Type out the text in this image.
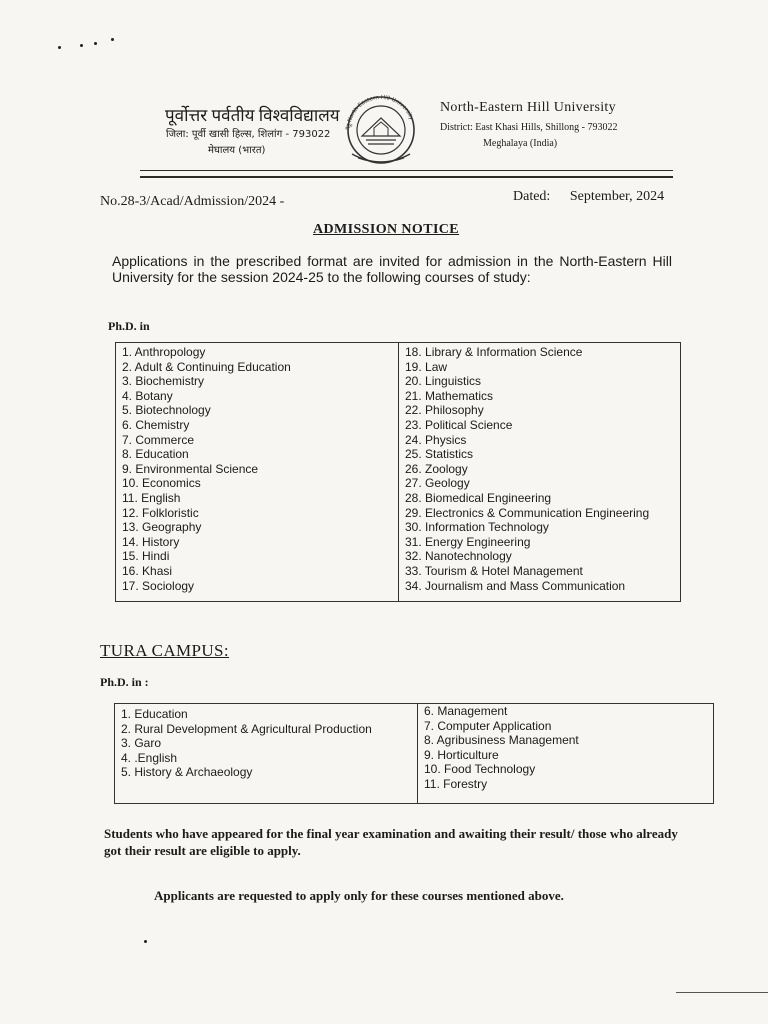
पूर्वोत्तर पर्वतीय विश्वविद्यालय
जिला: पूर्वी खासी हिल्स, शिलांग - 793022
मेघालय (भारत)
नेहू North Eastern Hill University
North-Eastern Hill University
District: East Khasi Hills, Shillong - 793022
Meghalaya (India)
No.28-3/Acad/Admission/2024 -	Dated: September, 2024
ADMISSION NOTICE
Applications in the prescribed format are invited for admission in the North-Eastern Hill University for the session 2024-25 to the following courses of study:
Ph.D. in
1. Anthropology
2. Adult & Continuing Education
3. Biochemistry
4. Botany
5. Biotechnology
6. Chemistry
7. Commerce
8. Education
9. Environmental Science
10. Economics
11. English
12. Folkloristic
13. Geography
14. History
15. Hindi
16. Khasi
17. Sociology

18. Library & Information Science
19. Law
20. Linguistics
21. Mathematics
22. Philosophy
23. Political Science
24. Physics
25. Statistics
26. Zoology
27. Geology
28. Biomedical Engineering
29. Electronics & Communication Engineering
30. Information Technology
31. Energy Engineering
32. Nanotechnology
33. Tourism & Hotel Management
34. Journalism and Mass Communication
TURA CAMPUS:
Ph.D. in :
1. Education
2. Rural Development & Agricultural Production
3. Garo
4. .English
5. History & Archaeology

6. Management
7. Computer Application
8. Agribusiness Management
9. Horticulture
10. Food Technology
11. Forestry
Students who have appeared for the final year examination and awaiting their result/ those who already got their result are eligible to apply.
Applicants are requested to apply only for these courses mentioned above.
